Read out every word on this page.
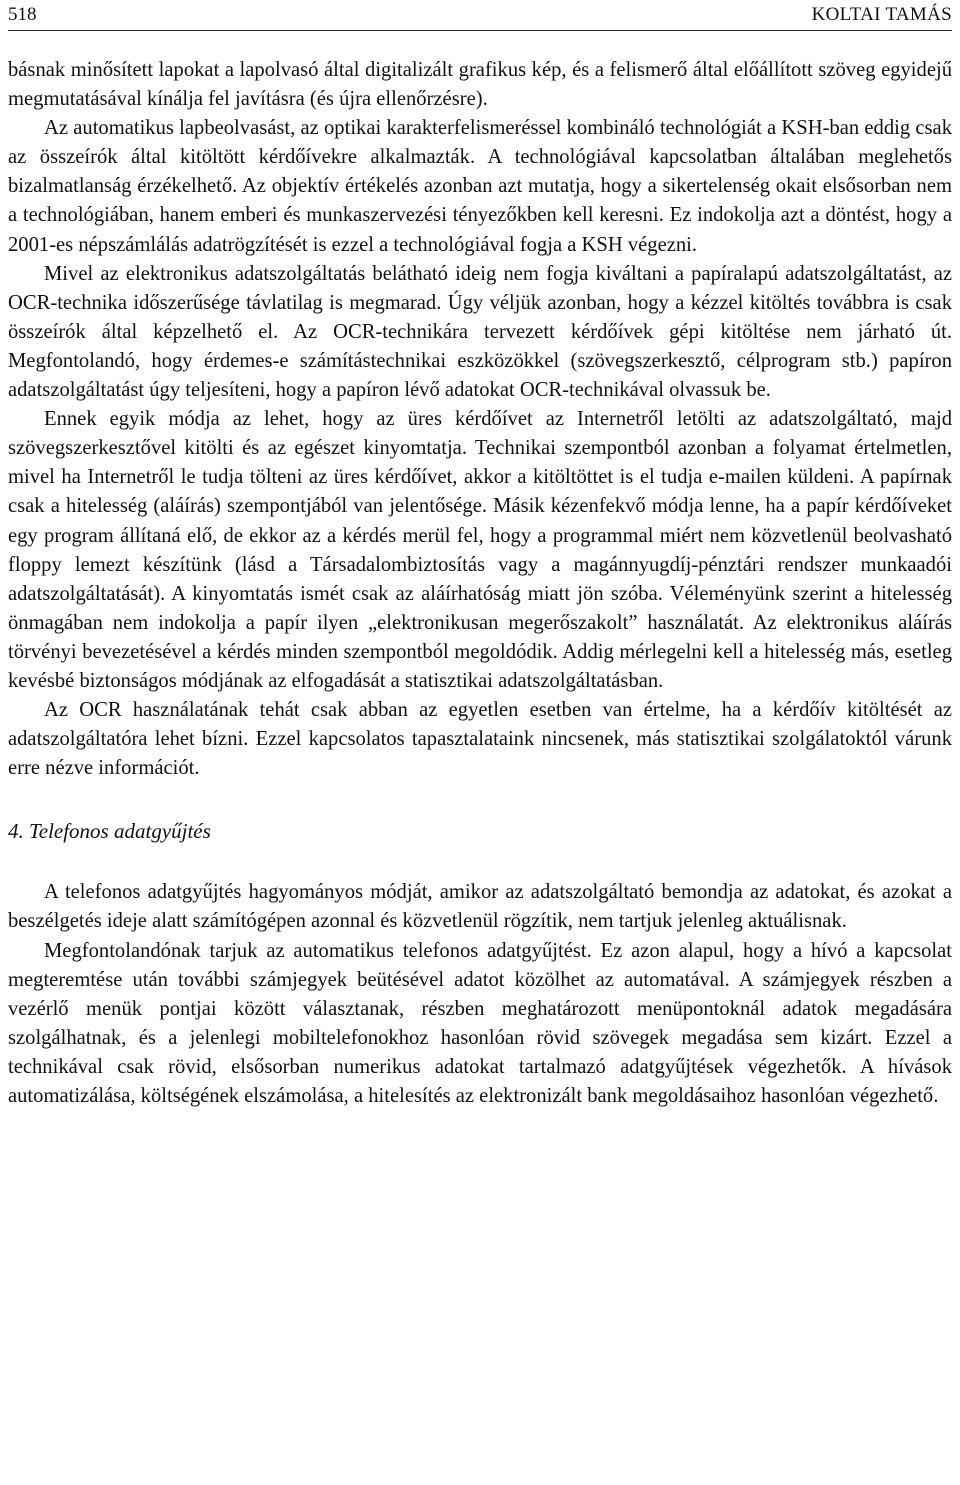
518	KOLTAI TAMÁS

básnak minősített lapokat a lapolvasó által digitalizált grafikus kép, és a felismerő által előállított szöveg egyidejű megmutatásával kínálja fel javításra (és újra ellenőrzésre).

Az automatikus lapbeolvasást, az optikai karakterfelismeréssel kombináló technológiát a KSH-ban eddig csak az összeírók által kitöltött kérdőívekre alkalmazták. A technológiával kapcsolatban általában meglehetős bizalmatlanság érzékelhető. Az objektív értékelés azonban azt mutatja, hogy a sikertelenség okait elsősorban nem a technológiában, hanem emberi és munkaszervezési tényezőkben kell keresni. Ez indokolja azt a döntést, hogy a 2001-es népszámlálás adatrögzítését is ezzel a technológiával fogja a KSH végezni.

Mivel az elektronikus adatszolgáltatás belátható ideig nem fogja kiváltani a papíralapú adatszolgáltatást, az OCR-technika időszerűsége távlatilag is megmarad. Úgy véljük azonban, hogy a kézzel kitöltés továbbra is csak összeírók által képzelhető el. Az OCR-technikára tervezett kérdőívek gépi kitöltése nem járható út. Megfontolandó, hogy érdemes-e számítástechnikai eszközökkel (szövegszerkesztő, célprogram stb.) papíron adatszolgáltatást úgy teljesíteni, hogy a papíron lévő adatokat OCR-technikával olvassuk be.

Ennek egyik módja az lehet, hogy az üres kérdőívet az Internetről letölti az adatszolgáltató, majd szövegszerkesztővel kitölti és az egészet kinyomtatja. Technikai szempontból azonban a folyamat értelmetlen, mivel ha Internetről le tudja tölteni az üres kérdőívet, akkor a kitöltöttet is el tudja e-mailen küldeni. A papírnak csak a hitelesség (aláírás) szempontjából van jelentősége. Másik kézenfekvő módja lenne, ha a papír kérdőíveket egy program állítaná elő, de ekkor az a kérdés merül fel, hogy a programmal miért nem közvetlenül beolvasható floppy lemezt készítünk (lásd a Társadalombiztosítás vagy a magánnyugdíj-pénztári rendszer munkaadói adatszolgáltatását). A kinyomtatás ismét csak az aláírhatóság miatt jön szóba. Véleményünk szerint a hitelesség önmagában nem indokolja a papír ilyen „elektronikusan megerőszakolt” használatát. Az elektronikus aláírás törvényi bevezetésével a kérdés minden szempontból megoldódik. Addig mérlegelni kell a hitelesség más, esetleg kevésbé biztonságos módjának az elfogadását a statisztikai adatszolgáltatásban.

Az OCR használatának tehát csak abban az egyetlen esetben van értelme, ha a kérdőív kitöltését az adatszolgáltatóra lehet bízni. Ezzel kapcsolatos tapasztalataink nincsenek, más statisztikai szolgálatoktól várunk erre nézve információt.

4. Telefonos adatgyűjtés

A telefonos adatgyűjtés hagyományos módját, amikor az adatszolgáltató bemondja az adatokat, és azokat a beszélgetés ideje alatt számítógépen azonnal és közvetlenül rögzítik, nem tartjuk jelenleg aktuálisnak.

Megfontolandónak tarjuk az automatikus telefonos adatgyűjtést. Ez azon alapul, hogy a hívó a kapcsolat megteremtése után további számjegyek beütésével adatot közölhet az automatával. A számjegyek részben a vezérlő menük pontjai között választanak, részben meghatározott menüpontoknál adatok megadására szolgálhatnak, és a jelenlegi mobiltelefonokhoz hasonlóan rövid szövegek megadása sem kizárt. Ezzel a technikával csak rövid, elsősorban numerikus adatokat tartalmazó adatgyűjtések végezhetők. A hívások automatizálása, költségének elszámolása, a hitelesítés az elektronizált bank megoldásaihoz hasonlóan végezhető.
